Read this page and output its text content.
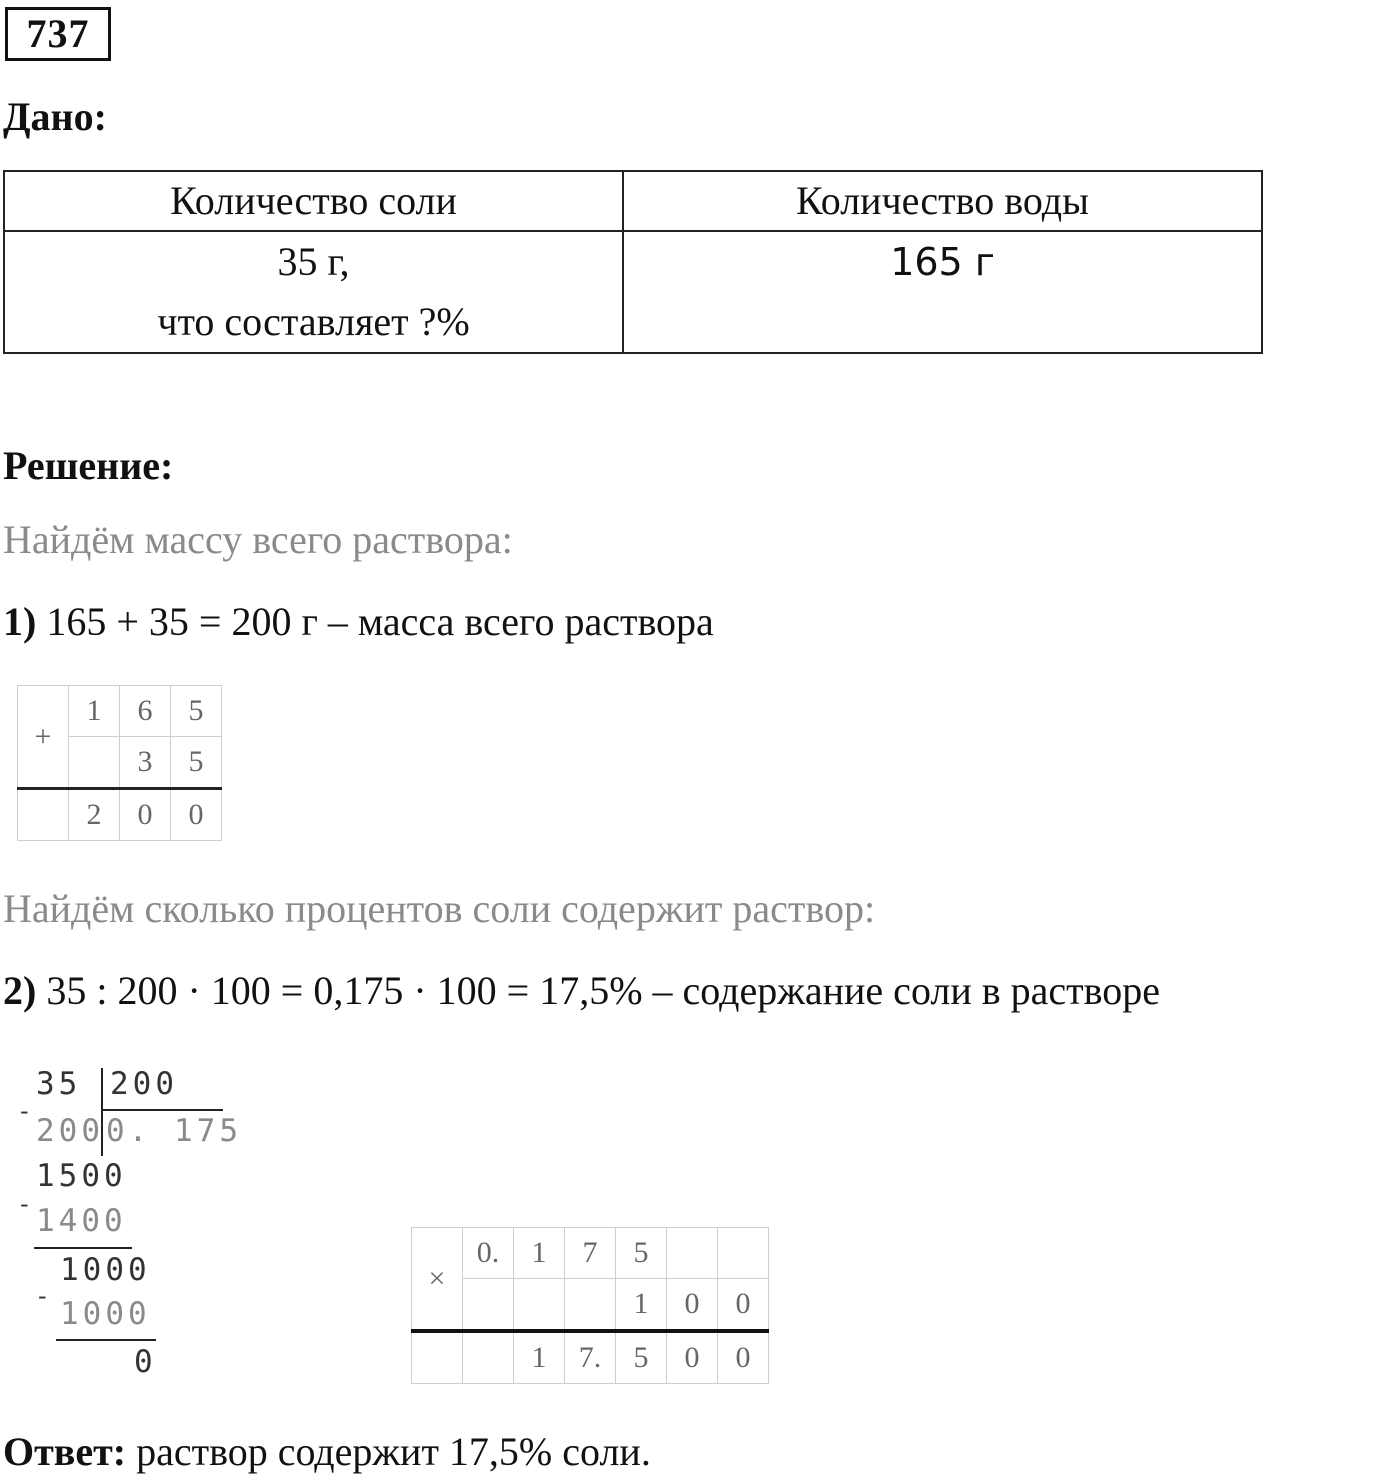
737
Дано:
Количество соли	Количество воды

35 г,
что составляет ?%	165 г
Решение:
Найдём массу всего раствора:
1) 165 + 35 = 200 г – масса всего раствора
+	1	6	5
		3	5
	2	0	0
Найдём сколько процентов соли содержит раствор:
2) 35 : 200 · 100 = 0,175 · 100 = 17,5% – содержание соли в растворе
35 200
-
200 0. 175
1500
- 1400
1000
- 1000
0
×	0.	1	7	5		
				1	0	0
		1	7.	5	0	0
Ответ: раствор содержит 17,5% соли.
